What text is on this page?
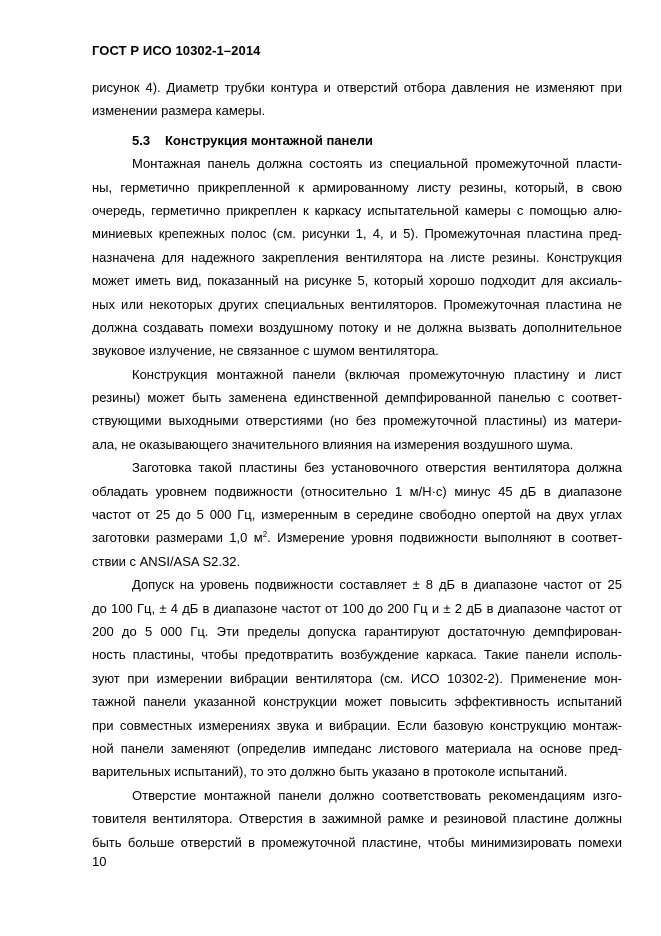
ГОСТ Р ИСО 10302-1–2014
рисунок 4). Диаметр трубки контура и отверстий отбора давления не изменяют при
изменении размера камеры.
5.3 Конструкция монтажной панели
Монтажная панель должна состоять из специальной промежуточной пласти-
ны, герметично прикрепленной к армированному листу резины, который, в свою
очередь, герметично прикреплен к каркасу испытательной камеры с помощью алю-
миниевых крепежных полос (см. рисунки 1, 4, и 5). Промежуточная пластина пред-
назначена для надежного закрепления вентилятора на листе резины. Конструкция
может иметь вид, показанный на рисунке 5, который хорошо подходит для аксиаль-
ных или некоторых других специальных вентиляторов. Промежуточная пластина не
должна создавать помехи воздушному потоку и не должна вызвать дополнительное
звуковое излучение, не связанное с шумом вентилятора.
Конструкция монтажной панели (включая промежуточную пластину и лист
резины) может быть заменена единственной демпфированной панелью с соответ-
ствующими выходными отверстиями (но без промежуточной пластины) из матери-
ала, не оказывающего значительного влияния на измерения воздушного шума.
Заготовка такой пластины без установочного отверстия вентилятора должна
обладать уровнем подвижности (относительно 1 м/Н·с) минус 45 дБ в диапазоне
частот от 25 до 5 000 Гц, измеренным в середине свободно опертой на двух углах
заготовки размерами 1,0 $м^2$. Измерение уровня подвижности выполняют в соответ-
ствии с ANSI/ASA S2.32.
Допуск на уровень подвижности составляет ± 8 дБ в диапазоне частот от 25
до 100 Гц, ± 4 дБ в диапазоне частот от 100 до 200 Гц и ± 2 дБ в диапазоне частот от
200 до 5 000 Гц. Эти пределы допуска гарантируют достаточную демпфирован-
ность пластины, чтобы предотвратить возбуждение каркаса. Такие панели исполь-
зуют при измерении вибрации вентилятора (см. ИСО 10302-2). Применение мон-
тажной панели указанной конструкции может повысить эффективность испытаний
при совместных измерениях звука и вибрации. Если базовую конструкцию монтаж-
ной панели заменяют (определив импеданс листового материала на основе пред-
варительных испытаний), то это должно быть указано в протоколе испытаний.
Отверстие монтажной панели должно соответствовать рекомендациям изго-
товителя вентилятора. Отверстия в зажимной рамке и резиновой пластине должны
быть больше отверстий в промежуточной пластине, чтобы минимизировать помехи
10
